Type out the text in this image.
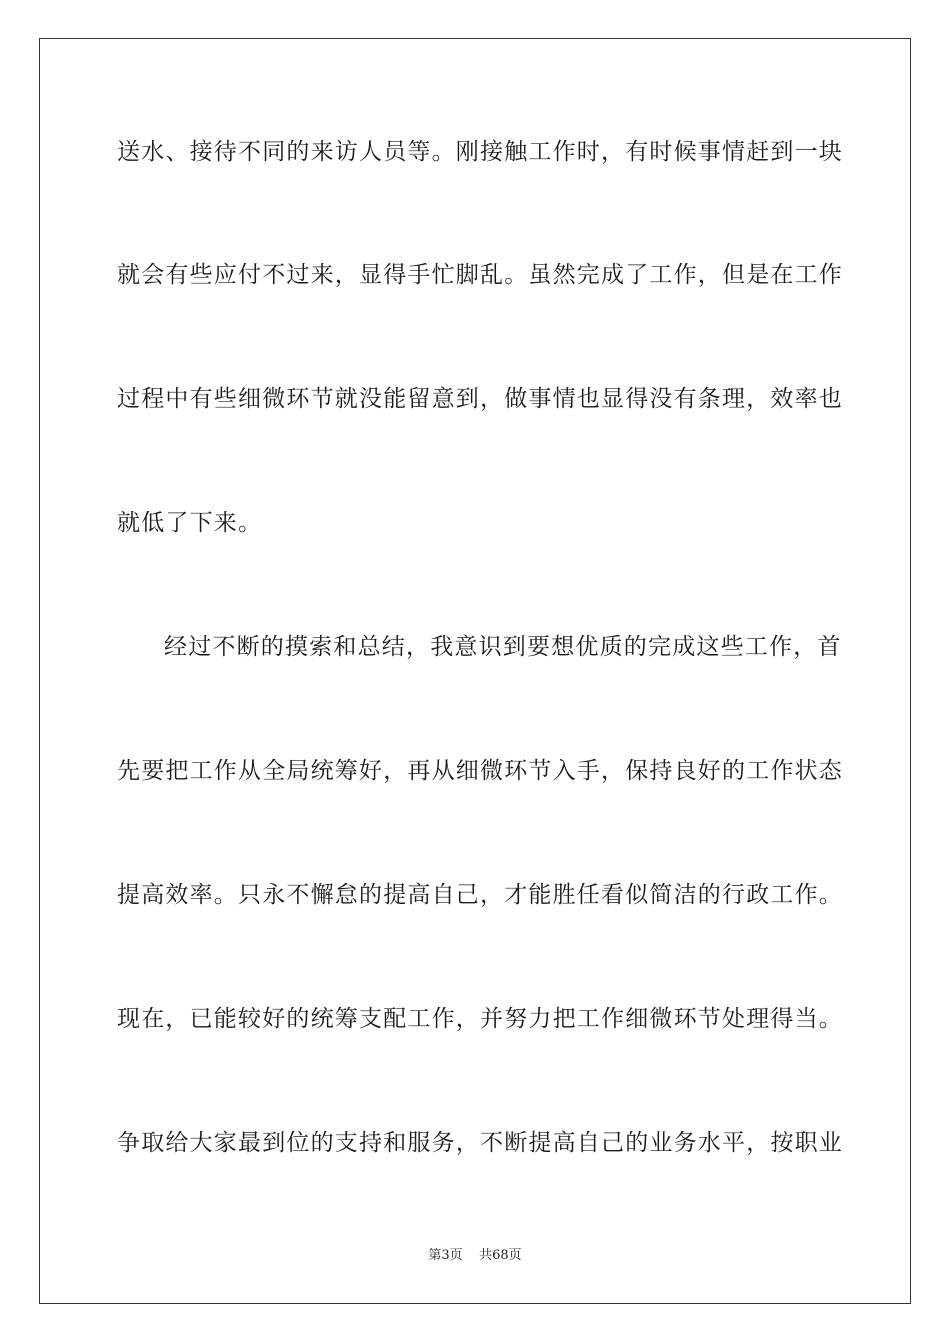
送水、接待不同的来访人员等。刚接触工作时，有时候事情赶到一块
就会有些应付不过来，显得手忙脚乱。虽然完成了工作，但是在工作
过程中有些细微环节就没能留意到，做事情也显得没有条理，效率也
就低了下来。
经过不断的摸索和总结，我意识到要想优质的完成这些工作，首
先要把工作从全局统筹好，再从细微环节入手，保持良好的工作状态
提高效率。只永不懈怠的提高自己，才能胜任看似简洁的行政工作。
现在，已能较好的统筹支配工作，并努力把工作细微环节处理得当。
争取给大家最到位的支持和服务，不断提高自己的业务水平，按职业
第3页 共68页
